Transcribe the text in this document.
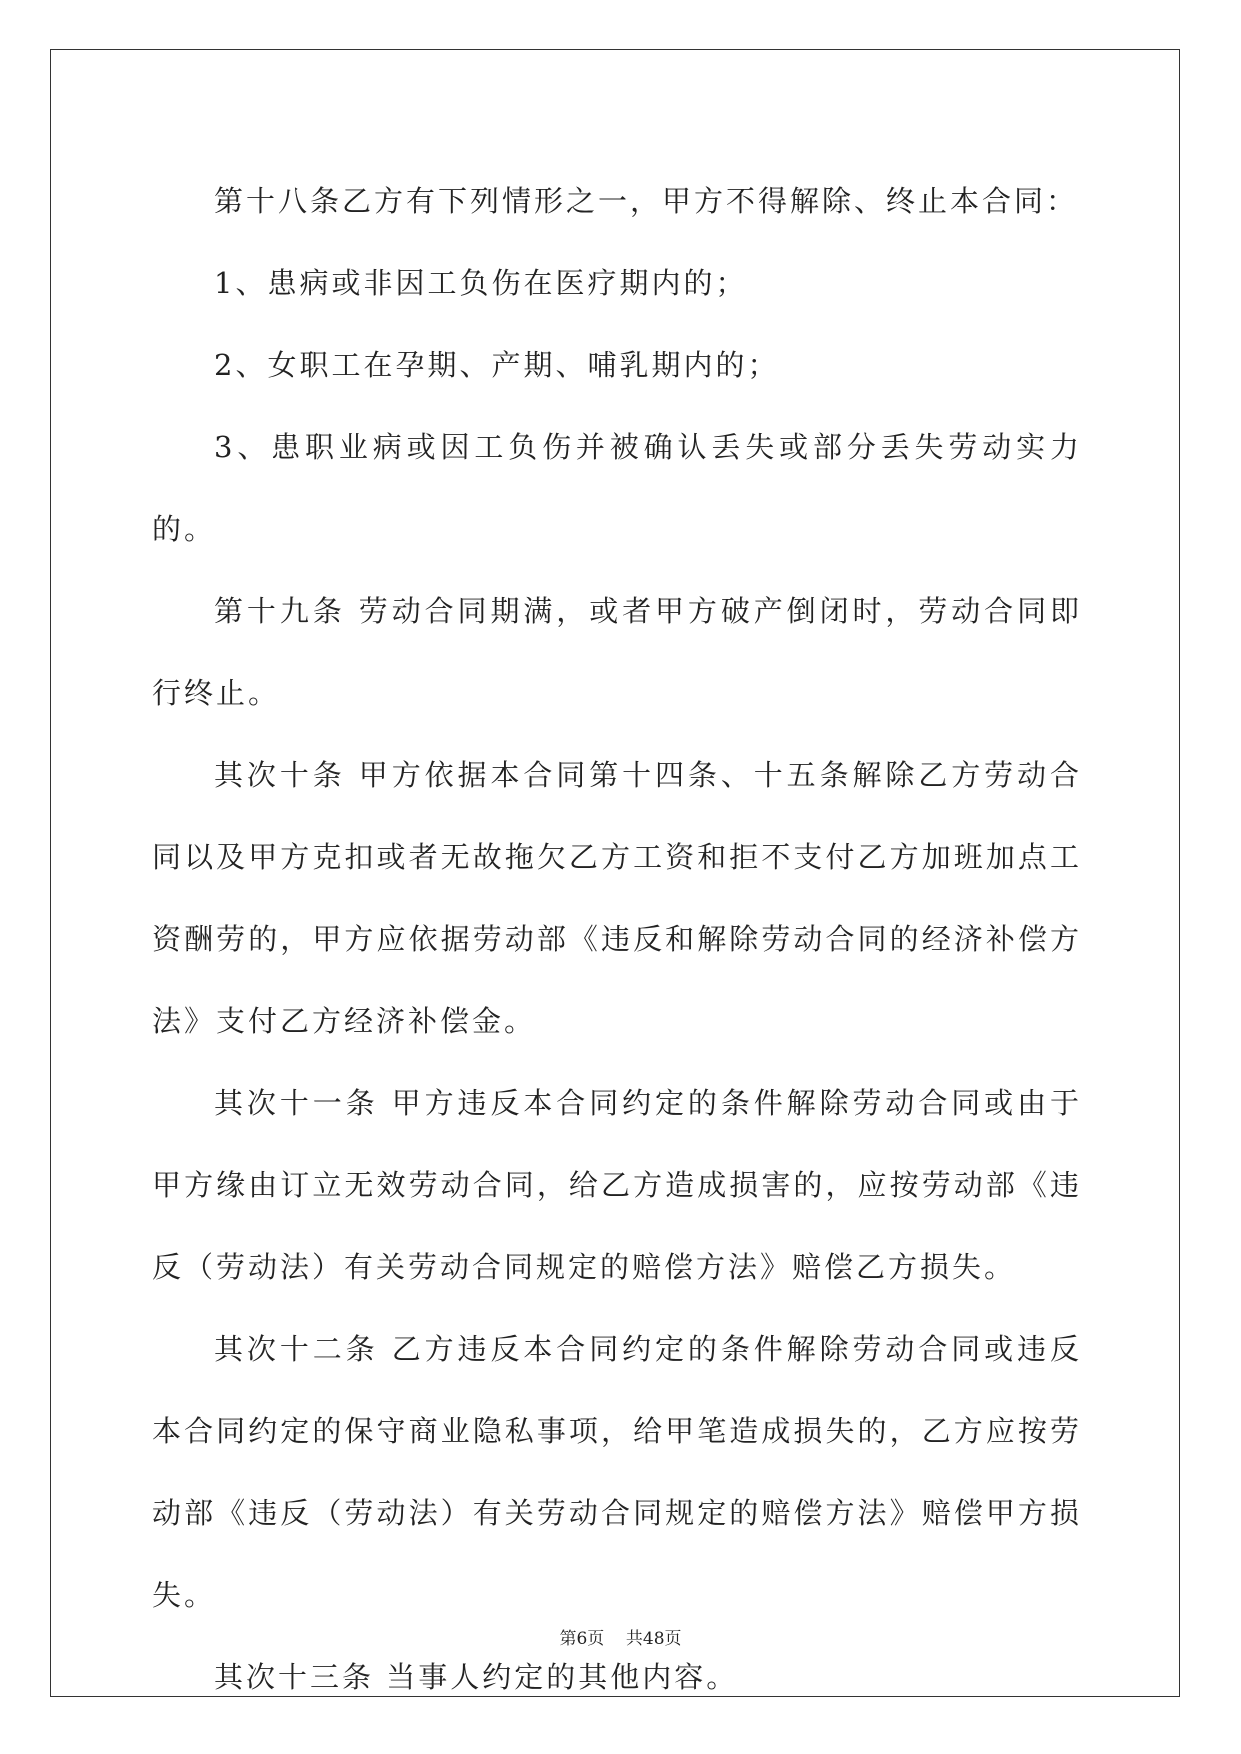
第十八条乙方有下列情形之一，甲方不得解除、终止本合同：

1、患病或非因工负伤在医疗期内的；

2、女职工在孕期、产期、哺乳期内的；

3、患职业病或因工负伤并被确认丢失或部分丢失劳动实力的。

第十九条 劳动合同期满，或者甲方破产倒闭时，劳动合同即行终止。

其次十条 甲方依据本合同第十四条、十五条解除乙方劳动合同以及甲方克扣或者无故拖欠乙方工资和拒不支付乙方加班加点工资酬劳的，甲方应依据劳动部《违反和解除劳动合同的经济补偿方法》支付乙方经济补偿金。

其次十一条 甲方违反本合同约定的条件解除劳动合同或由于甲方缘由订立无效劳动合同，给乙方造成损害的，应按劳动部《违反（劳动法）有关劳动合同规定的赔偿方法》赔偿乙方损失。

其次十二条 乙方违反本合同约定的条件解除劳动合同或违反本合同约定的保守商业隐私事项，给甲笔造成损失的，乙方应按劳动部《违反（劳动法）有关劳动合同规定的赔偿方法》赔偿甲方损失。

其次十三条 当事人约定的其他内容。

第6页 共48页
